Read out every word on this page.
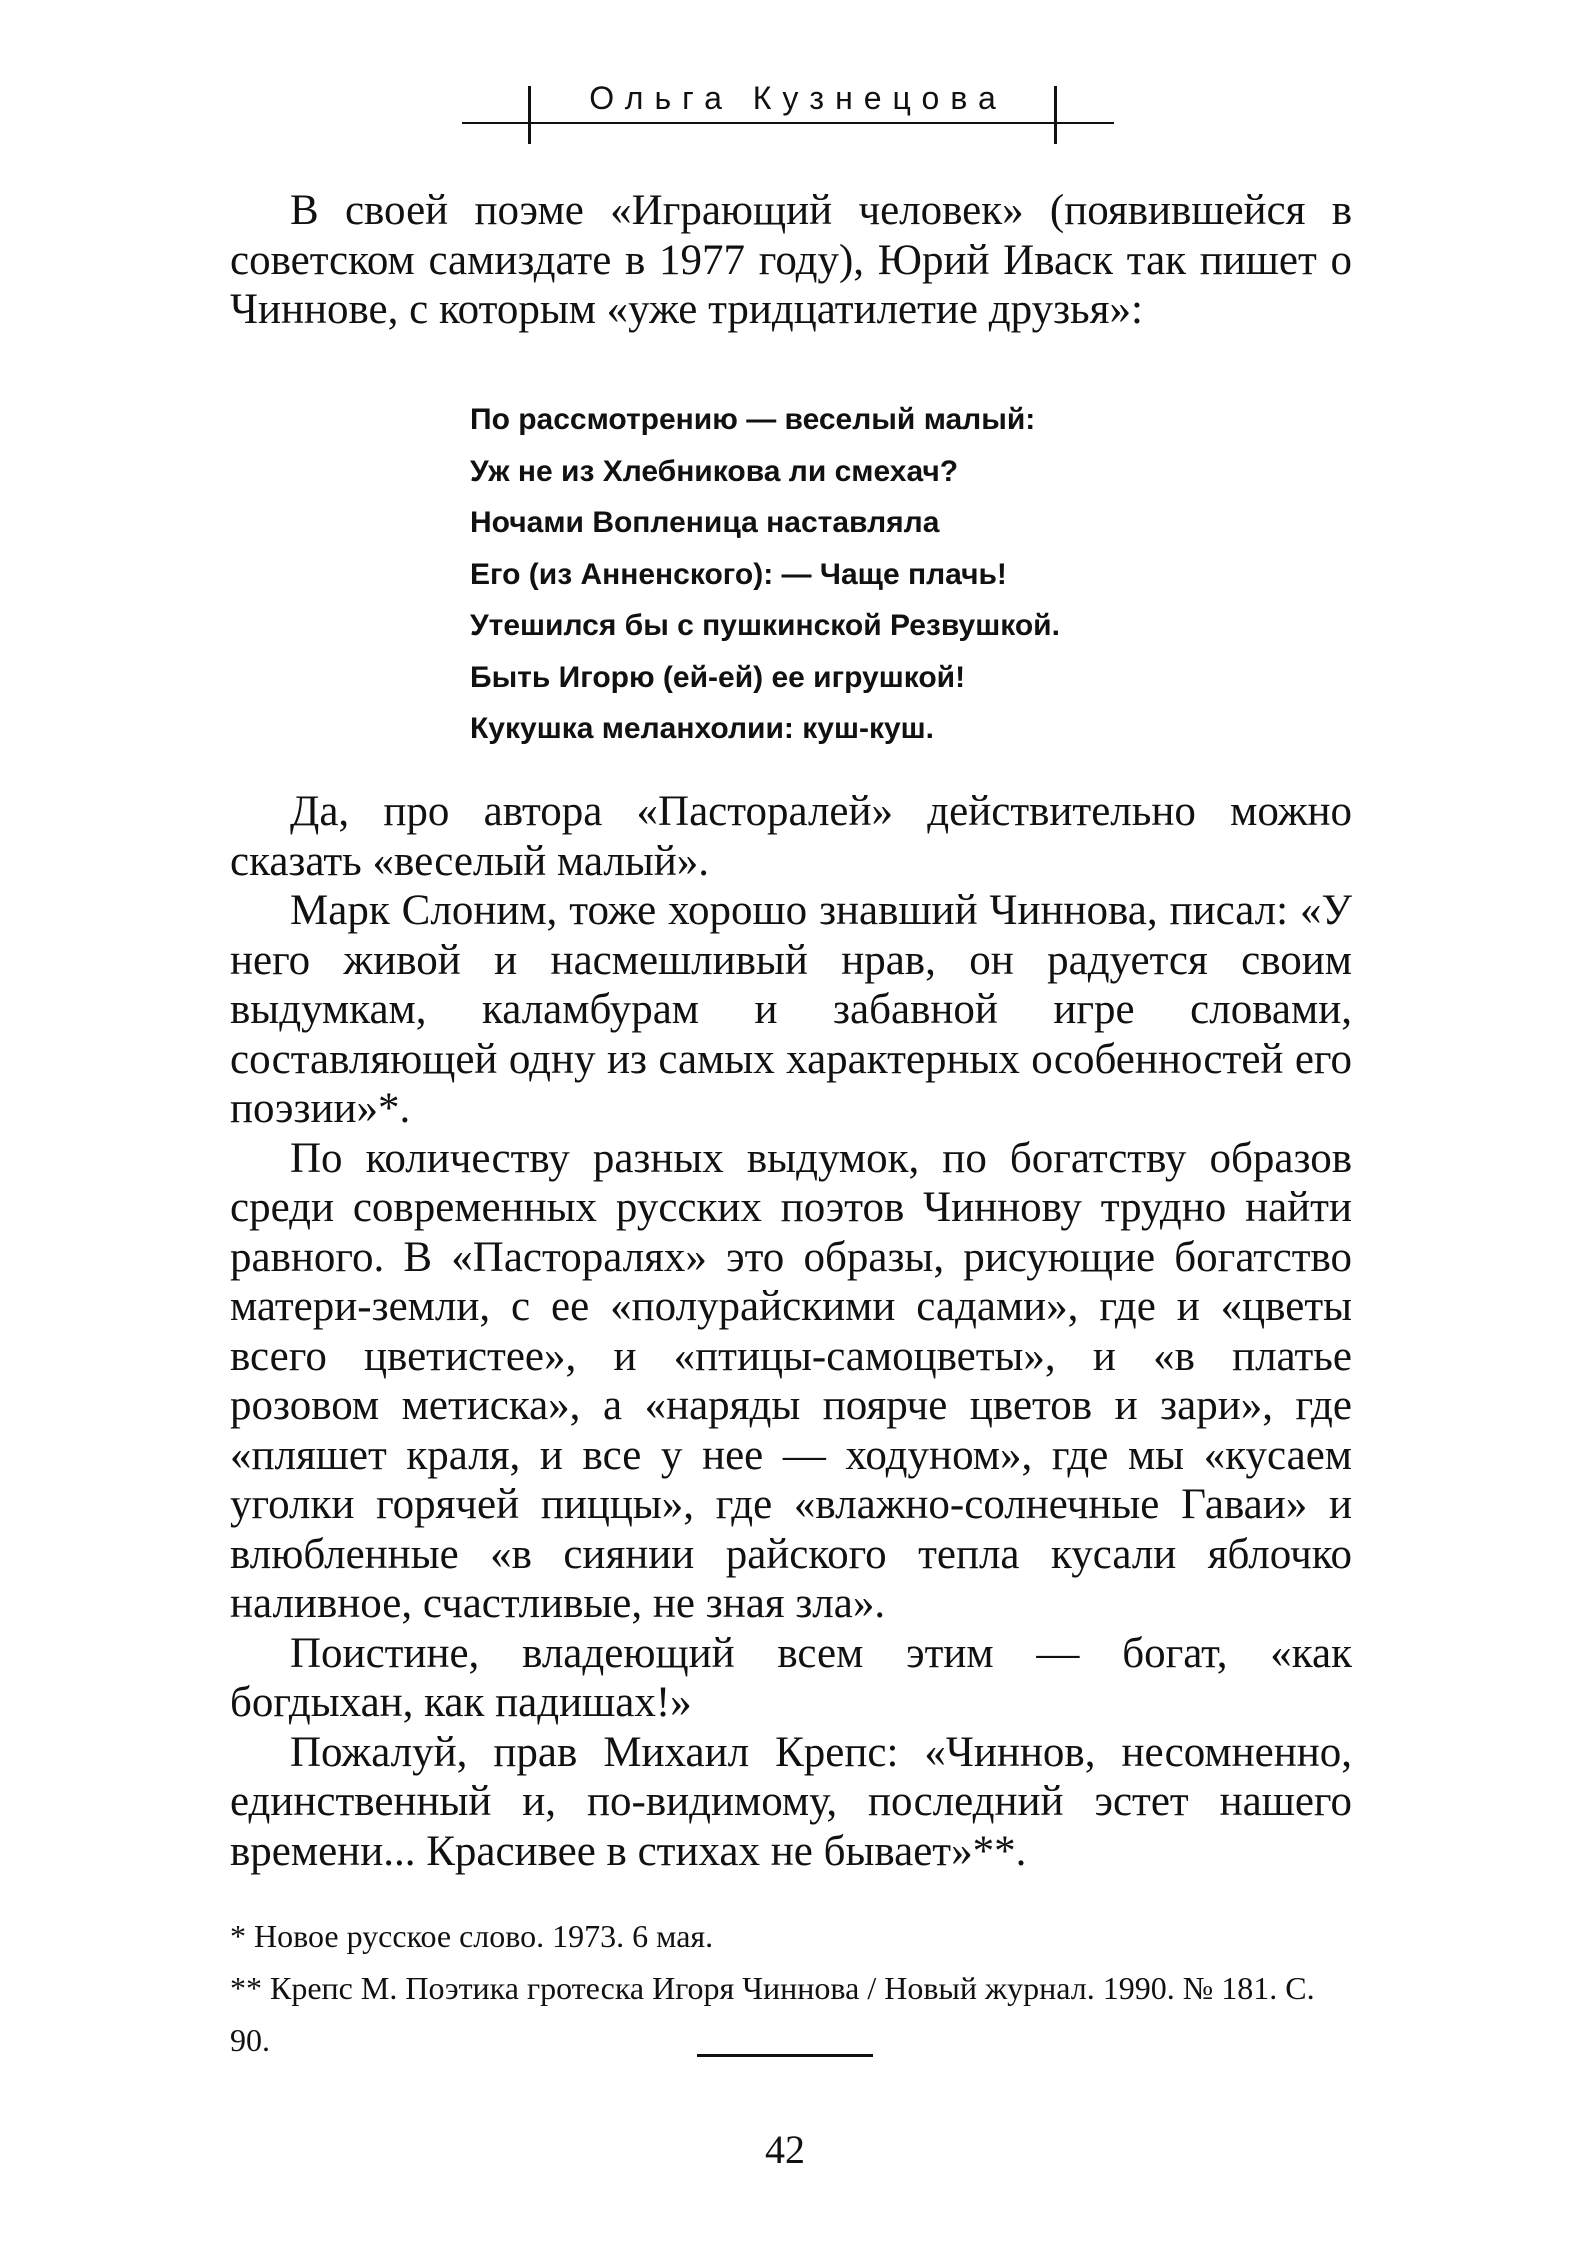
Ольга Кузнецова

В своей поэме «Играющий человек» (появившейся в советском самиздате в 1977 году), Юрий Иваск так пишет о Чиннове, с которым «уже тридцатилетие друзья»:

По рассмотрению — веселый малый:
Уж не из Хлебникова ли смехач?
Ночами Вопленица наставляла
Его (из Анненского): — Чаще плачь!
Утешился бы с пушкинской Резвушкой.
Быть Игорю (ей-ей) ее игрушкой!
Кукушка меланхолии: куш-куш.

Да, про автора «Пасторалей» действительно можно сказать «веселый малый».

Марк Слоним, тоже хорошо знавший Чиннова, писал: «У него живой и насмешливый нрав, он радуется своим выдумкам, каламбурам и забавной игре словами, составляющей одну из самых характерных особенностей его поэзии»*.

По количеству разных выдумок, по богатству образов среди современных русских поэтов Чиннову трудно найти равного. В «Пасторалях» это образы, рисующие богатство матери-земли, с ее «полурайскими садами», где и «цветы всего цветистее», и «птицы-самоцветы», и «в платье розовом метиска», а «наряды поярче цветов и зари», где «пляшет краля, и все у нее — ходуном», где мы «кусаем уголки горячей пиццы», где «влажно-солнечные Гаваи» и влюбленные «в сиянии райского тепла кусали яблочко наливное, счастливые, не зная зла».

Поистине, владеющий всем этим — богат, «как богдыхан, как падишах!»

Пожалуй, прав Михаил Крепс: «Чиннов, несомненно, единственный и, по-видимому, последний эстет нашего времени... Красивее в стихах не бывает»**.

* Новое русское слово. 1973. 6 мая.

** Крепс М. Поэтика гротеска Игоря Чиннова / Новый журнал. 1990. № 181. С. 90.

42
